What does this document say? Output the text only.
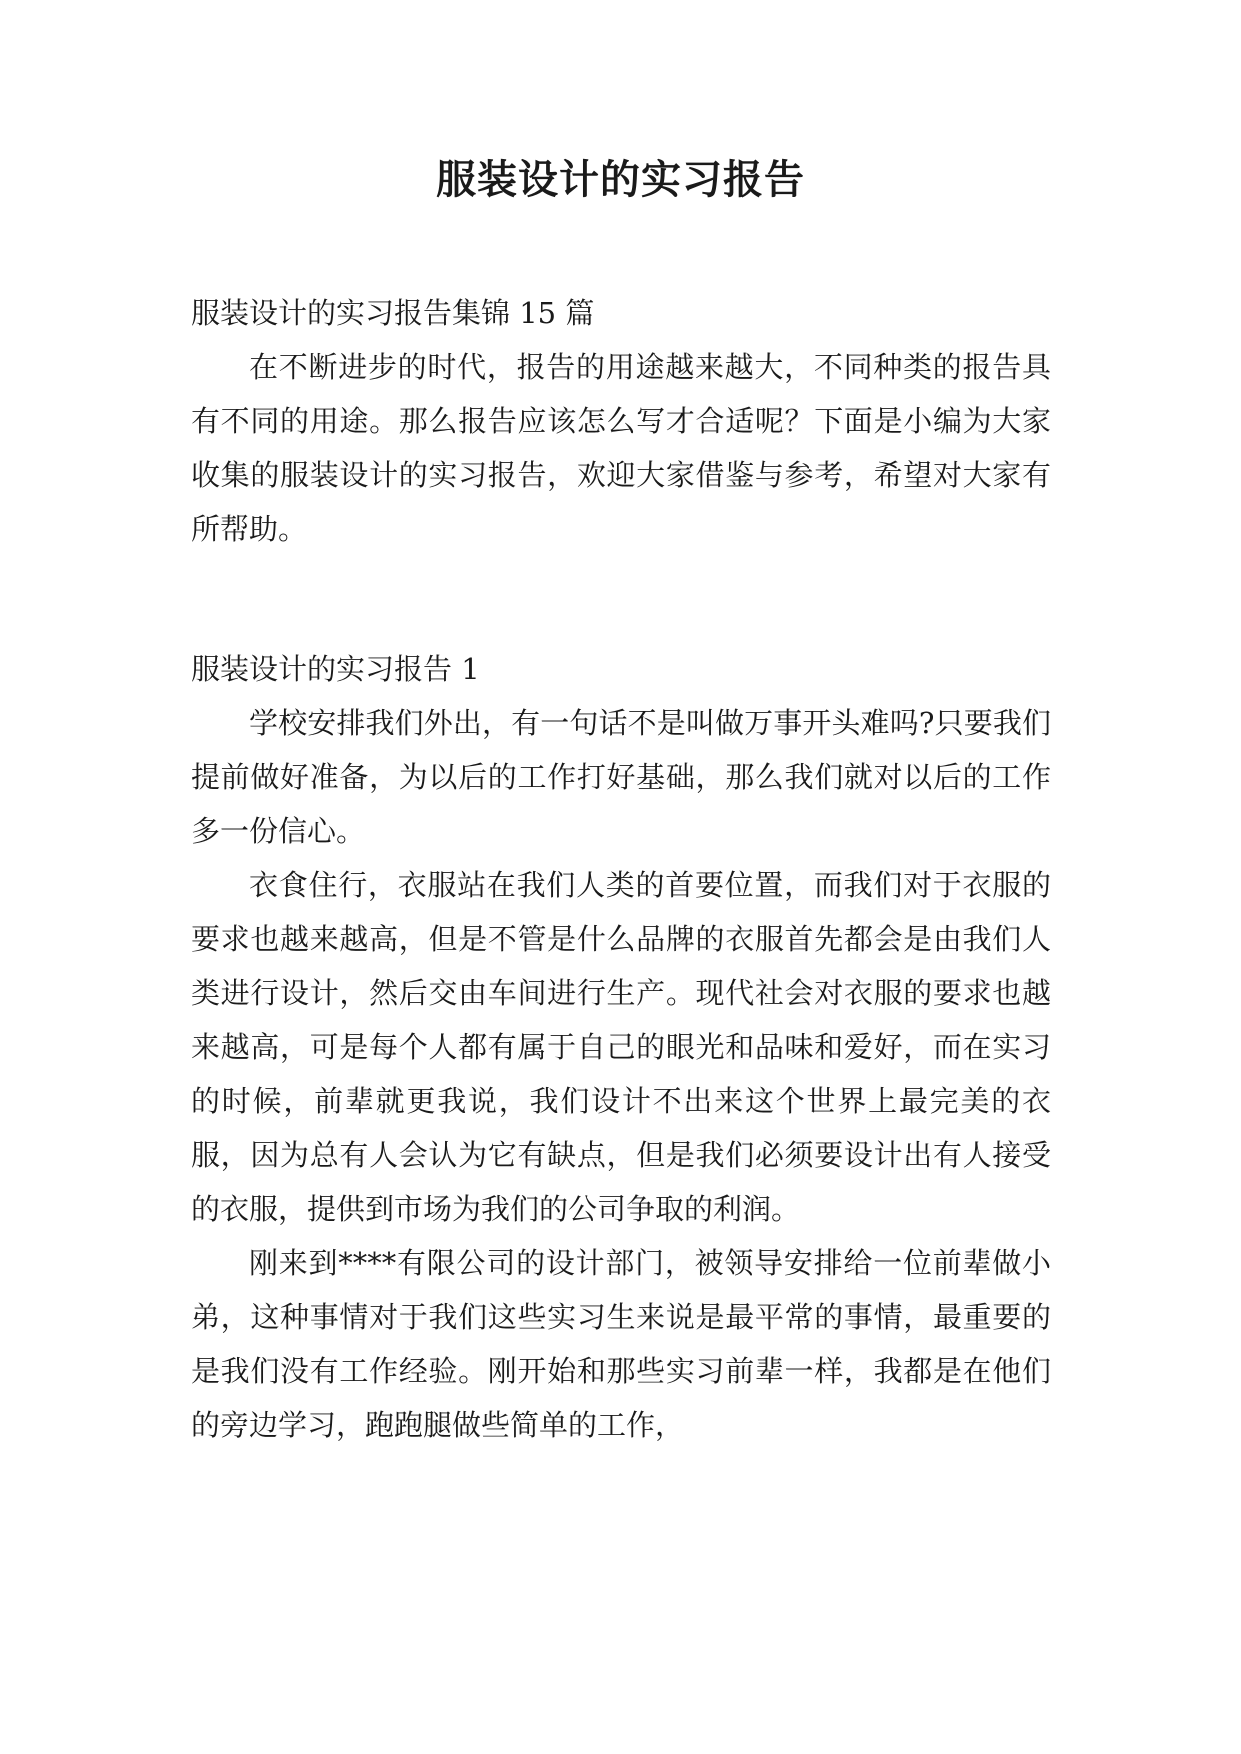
服装设计的实习报告

服装设计的实习报告集锦 15 篇

在不断进步的时代，报告的用途越来越大，不同种类的报告具有不同的用途。那么报告应该怎么写才合适呢？下面是小编为大家收集的服装设计的实习报告，欢迎大家借鉴与参考，希望对大家有所帮助。

服装设计的实习报告 1

学校安排我们外出，有一句话不是叫做万事开头难吗?只要我们提前做好准备，为以后的工作打好基础，那么我们就对以后的工作多一份信心。

衣食住行，衣服站在我们人类的首要位置，而我们对于衣服的要求也越来越高，但是不管是什么品牌的衣服首先都会是由我们人类进行设计，然后交由车间进行生产。现代社会对衣服的要求也越来越高，可是每个人都有属于自己的眼光和品味和爱好，而在实习的时候，前辈就更我说，我们设计不出来这个世界上最完美的衣服，因为总有人会认为它有缺点，但是我们必须要设计出有人接受的衣服，提供到市场为我们的公司争取的利润。

刚来到****有限公司的设计部门，被领导安排给一位前辈做小弟，这种事情对于我们这些实习生来说是最平常的事情，最重要的是我们没有工作经验。刚开始和那些实习前辈一样，我都是在他们的旁边学习，跑跑腿做些简单的工作，
